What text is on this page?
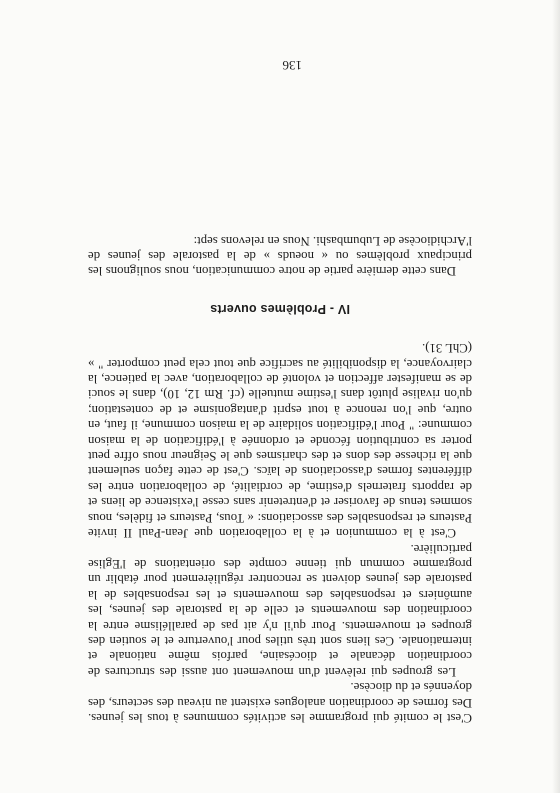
C'est le comité qui programme les activités communes à tous les jeunes. Des formes de coordination analogues existent au niveau des secteurs, des doyennés et du diocèse.

Les groupes qui relèvent d'un mouvement ont aussi des structures de coordination décanale et diocésaine, parfois même nationale et internationale. Ces liens sont très utiles pour l'ouverture et le soutien des groupes et mouvements. Pour qu'il n'y ait pas de parallélisme entre la coordination des mouvements et celle de la pastorale des jeunes, les aumôniers et responsables des mouvements et les responsables de la pastorale des jeunes doivent se rencontrer régulièrement pour établir un programme commun qui tienne compte des orientations de l'Eglise particulière.

C'est à la communion et à la collaboration que Jean-Paul II invite Pasteurs et responsables des associations: « Tous, Pasteurs et fidèles, nous sommes tenus de favoriser et d'entretenir sans cesse l'existence de liens et de rapports fraternels d'estime, de cordialité, de collaboration entre les différentes formes d'associations de laïcs. C'est de cette façon seulement que la richesse des dons et des charismes que le Seigneur nous offre peut porter sa contribution féconde et ordonnée à l'édification de la maison commune: " Pour l'édification solidaire de la maison commune, il faut, en outre, que l'on renonce à tout esprit d'antagonisme et de contestation; qu'on rivalise plutôt dans l'estime mutuelle (cf. Rm 12, 10), dans le souci de se manifester affection et volonté de collaboration, avec la patience, la clairvoyance, la disponibilité au sacrifice que tout cela peut comporter " » (ChL 31).

IV - Problèmes ouverts

Dans cette dernière partie de notre communication, nous soulignons les principaux problèmes ou « noeuds » de la pastorale des jeunes de l'Archidiocèse de Lubumbashi. Nous en relevons sept:

136
